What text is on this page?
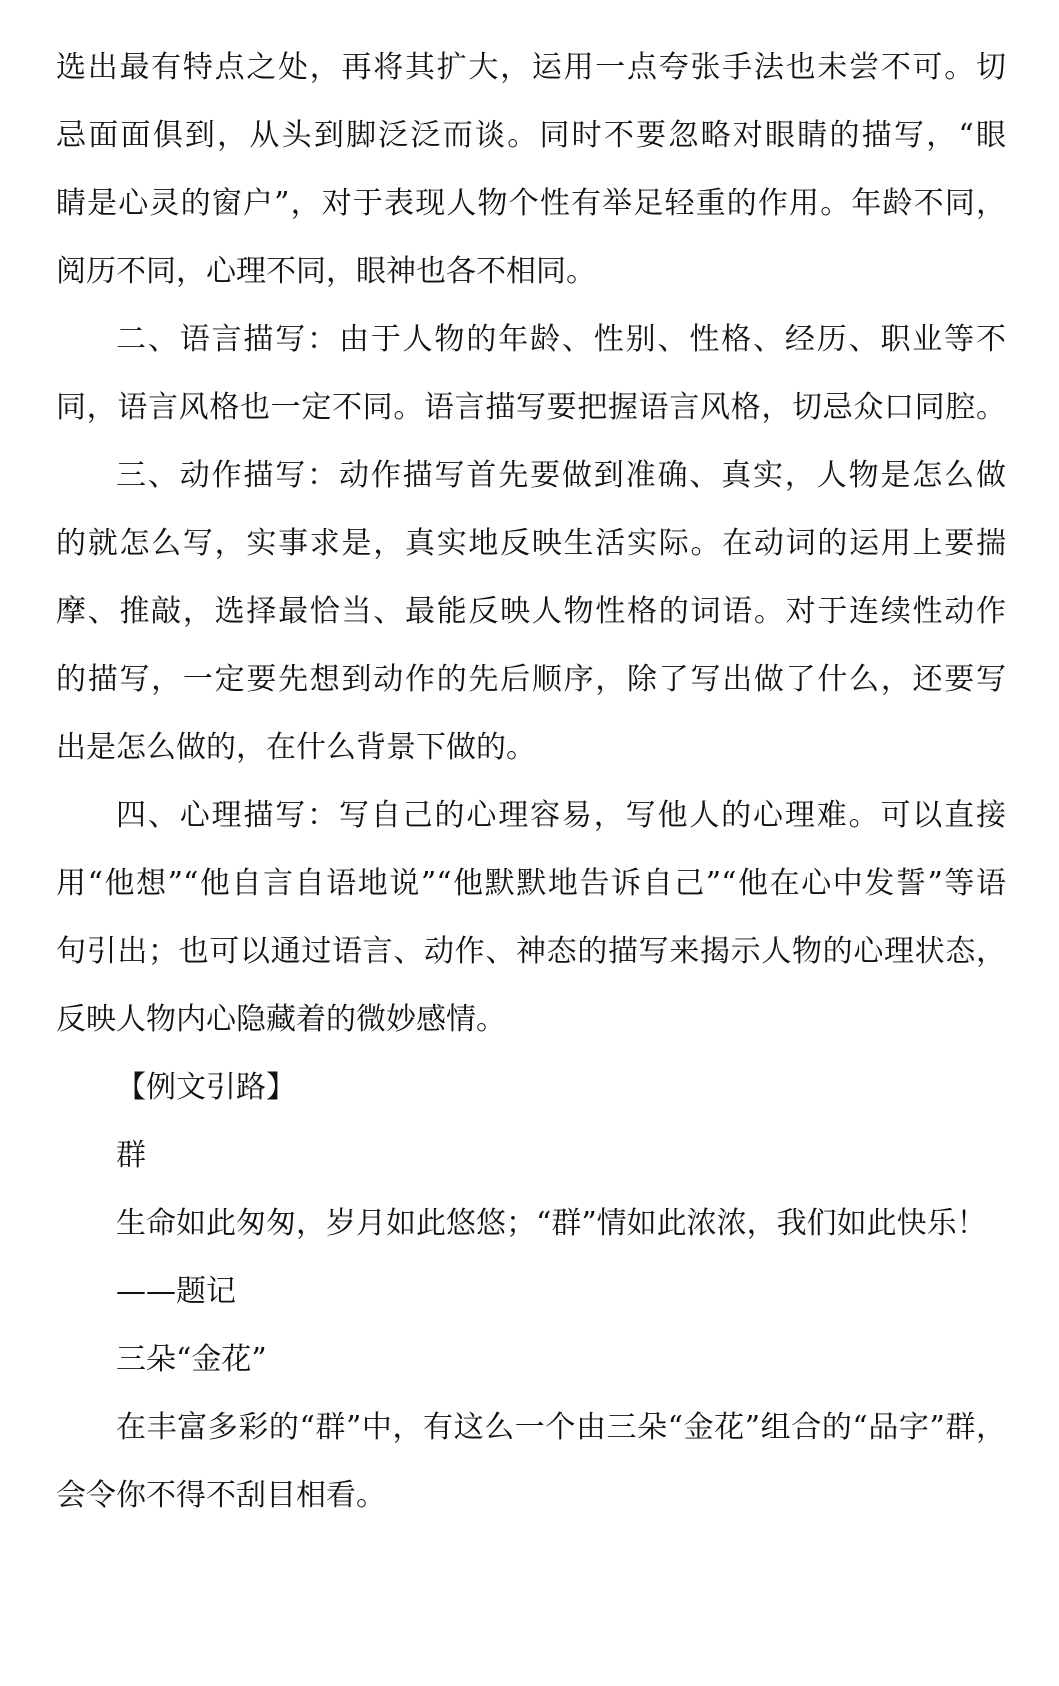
选出最有特点之处，再将其扩大，运用一点夸张手法也未尝不可。切
忌面面俱到，从头到脚泛泛而谈。同时不要忽略对眼睛的描写，“眼
睛是心灵的窗户”，对于表现人物个性有举足轻重的作用。年龄不同，
阅历不同，心理不同，眼神也各不相同。
二、语言描写：由于人物的年龄、性别、性格、经历、职业等不
同，语言风格也一定不同。语言描写要把握语言风格，切忌众口同腔。
三、动作描写：动作描写首先要做到准确、真实，人物是怎么做
的就怎么写，实事求是，真实地反映生活实际。在动词的运用上要揣
摩、推敲，选择最恰当、最能反映人物性格的词语。对于连续性动作
的描写，一定要先想到动作的先后顺序，除了写出做了什么，还要写
出是怎么做的，在什么背景下做的。
四、心理描写：写自己的心理容易，写他人的心理难。可以直接
用“他想”“他自言自语地说”“他默默地告诉自己”“他在心中发誓”等语
句引出；也可以通过语言、动作、神态的描写来揭示人物的心理状态，
反映人物内心隐藏着的微妙感情。
【例文引路】
群
生命如此匆匆，岁月如此悠悠；“群”情如此浓浓，我们如此快乐！
——题记
三朵“金花”
在丰富多彩的“群”中，有这么一个由三朵“金花”组合的“品字”群，
会令你不得不刮目相看。
